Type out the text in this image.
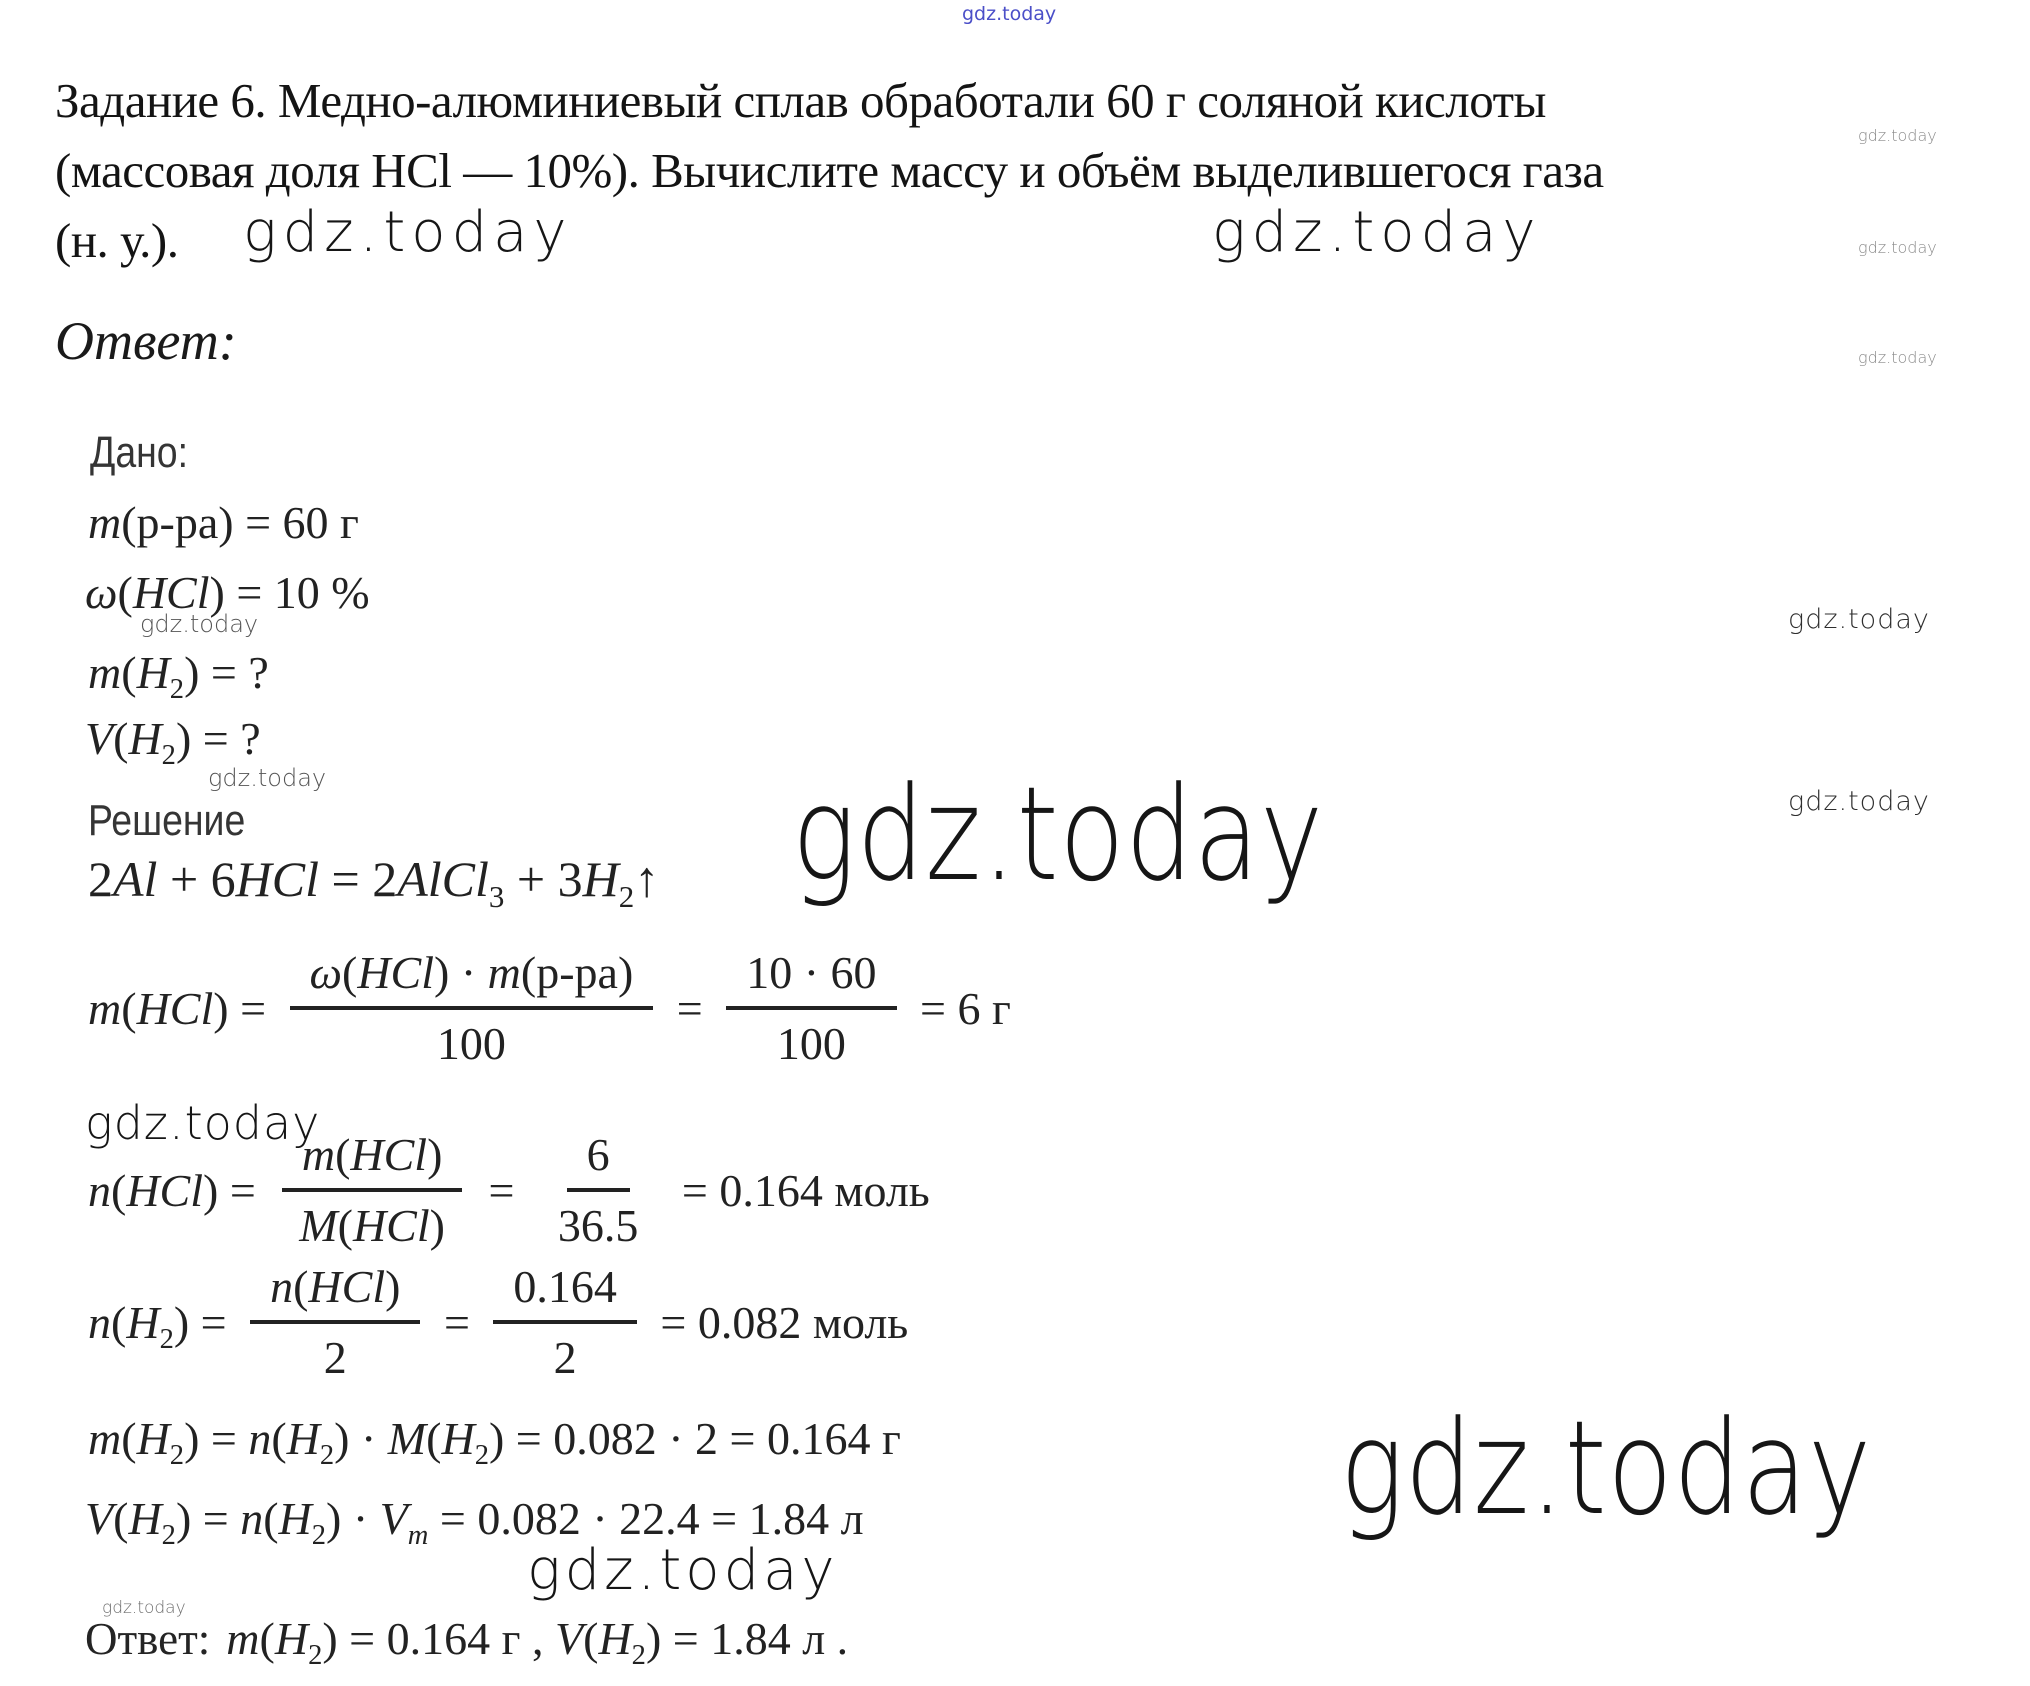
gdz.today
gdz.today
gdz.today
gdz.today
gdz.today	gdz.today
gdz.today	gdz.today
gdz.today
gdz.today
gdz.today
gdz.today
gdz.today
gdz.today
gdz.today
Задание 6. Медно-алюминиевый сплав обработали 60 г соляной кислоты
(массовая доля HCl — 10%). Вычислите массу и объём выделившегося газа
(н. у.).
Ответ:
Дано:
m(р-ра) = 60 г
ω(HCl) = 10 %
$m(H_2)$ = ?
$V(H_2)$ = ?
Решение
2Al + 6HCl = 2AlCl$_3$ + $3H_2↑$
$m(HCl) = \frac{\text{ω(HCl) · m(р-ра)}}{100} = \frac{10 \cdot 60}{100} = 6$ г
$n(HCl) = \frac{\text{m(HCl)}}{\text{M(HCl)}} = \frac{6}{36.5} = 0.164$ моль
$n(H_2) = \frac{\text{n(HCl)}}{2} = \frac{0.164}{2} = 0.082$ моль
$m(H_2) = n(H_2) \cdot M(H_2) = 0.082 \cdot 2 = 0.164$ г
$V(H_2) = n(H_2) \cdot V_m = 0.082 \cdot 22.4 = 1.84$ л
Ответ: $m(H_2) = 0.164$ г , $V(H_2) = 1.84$ л .
